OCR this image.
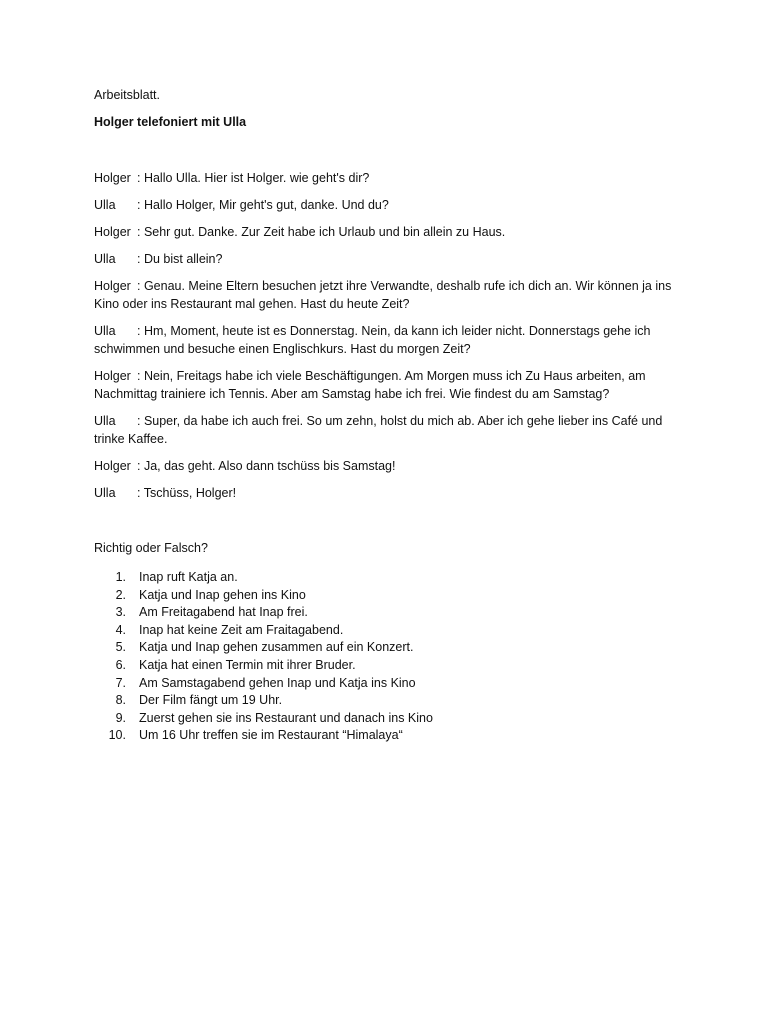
Arbeitsblatt.
Holger telefoniert mit Ulla

Holger : Hallo Ulla. Hier ist Holger. wie geht's dir?

Ulla : Hallo Holger, Mir geht's gut, danke. Und du?

Holger : Sehr gut. Danke. Zur Zeit habe ich Urlaub und bin allein zu Haus.

Ulla : Du bist allein?

Holger : Genau. Meine Eltern besuchen jetzt ihre Verwandte, deshalb rufe ich dich an. Wir können ja ins Kino oder ins Restaurant mal gehen. Hast du heute Zeit?

Ulla : Hm, Moment, heute ist es Donnerstag. Nein, da kann ich leider nicht. Donnerstags gehe ich schwimmen und besuche einen Englischkurs. Hast du morgen Zeit?

Holger : Nein, Freitags habe ich viele Beschäftigungen. Am Morgen muss ich Zu Haus arbeiten, am Nachmittag trainiere ich Tennis. Aber am Samstag habe ich frei. Wie findest du am Samstag?

Ulla : Super, da habe ich auch frei. So um zehn, holst du mich ab. Aber ich gehe lieber ins Café und trinke Kaffee.

Holger : Ja, das geht. Also dann tschüss bis Samstag!

Ulla : Tschüss, Holger!

Richtig oder Falsch?
1. Inap ruft Katja an.
2. Katja und Inap gehen ins Kino
3. Am Freitagabend hat Inap frei.
4. Inap hat keine Zeit am Fraitagabend.
5. Katja und Inap gehen zusammen auf ein Konzert.
6. Katja hat einen Termin mit ihrer Bruder.
7. Am Samstagabend gehen Inap und Katja ins Kino
8. Der Film fängt um 19 Uhr.
9. Zuerst gehen sie ins Restaurant und danach ins Kino
10. Um 16 Uhr treffen sie im Restaurant “Himalaya“
